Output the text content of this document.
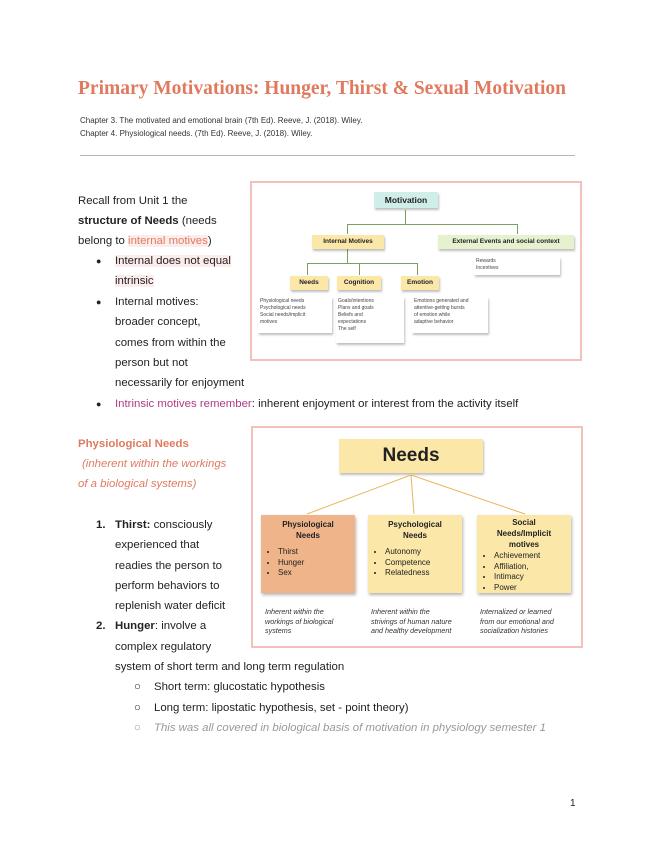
Primary Motivations: Hunger, Thirst & Sexual Motivation
Chapter 3. The motivated and emotional brain (7th Ed). Reeve, J. (2018). Wiley.
Chapter 4. Physiological needs. (7th Ed). Reeve, J. (2018). Wiley.
Recall from Unit 1 the
structure of Needs (needs
belong to internal motives)
● Internal does not equal
intrinsic
● Internal motives:
broader concept,
comes from within the
person but not
necessarily for enjoyment
● Intrinsic motives remember: inherent enjoyment or interest from the activity itself
Motivation
Internal Motives	External Events and social context
Rewards
Incentives
Needs	Cognition	Emotion
Physiological needs
Psychological needs
Social needs/implicit
motives
Goals/intentions
Plans and goals
Beliefs and
expectations
The self
Emotions generated and
attentive-getting bursts
of emotion while
adaptive behavior
Physiological Needs
(inherent within the workings
of a biological systems)
1. Thirst: consciously
experienced that
readies the person to
perform behaviors to
replenish water deficit
2. Hunger: involve a
complex regulatory
system of short term and long term regulation
○ Short term: glucostatic hypothesis
○ Long term: lipostatic hypothesis, set - point theory)
○ This was all covered in biological basis of motivation in physiology semester 1
Needs
Physiological
Needs
• Thirst
• Hunger
• Sex
Psychological
Needs
• Autonomy
• Competence
• Relatedness
Social
Needs/Implicit
motives
• Achievement
• Affiliation,
• Intimacy
• Power
Inherent within the
workings of biological
systems
Inherent within the
strivings of human nature
and healthy development
Internalized or learned
from our emotional and
socialization histories
1
